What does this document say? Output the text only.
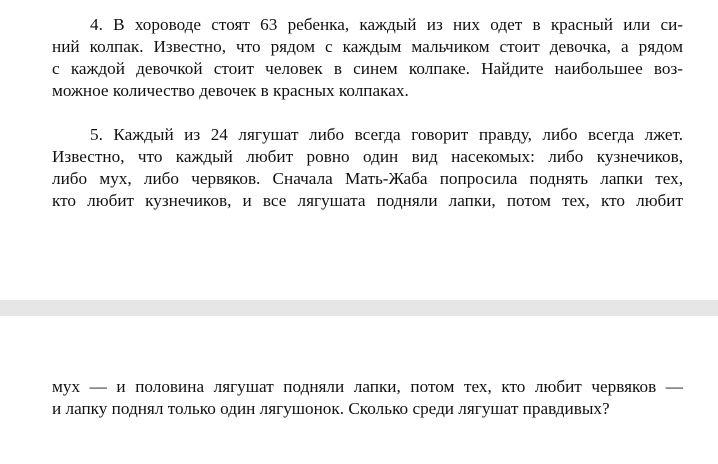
4. В хороводе стоят 63 ребенка, каждый из них одет в красный или си-
ний колпак. Известно, что рядом с каждым мальчиком стоит девочка, а рядом
с каждой девочкой стоит человек в синем колпаке. Найдите наибольшее воз-
можное количество девочек в красных колпаках.
5. Каждый из 24 лягушат либо всегда говорит правду, либо всегда лжет.
Известно, что каждый любит ровно один вид насекомых: либо кузнечиков,
либо мух, либо червяков. Сначала Мать-Жаба попросила поднять лапки тех,
кто любит кузнечиков, и все лягушата подняли лапки, потом тех, кто любит
мух — и половина лягушат подняли лапки, потом тех, кто любит червяков —
и лапку поднял только один лягушонок. Сколько среди лягушат правдивых?
